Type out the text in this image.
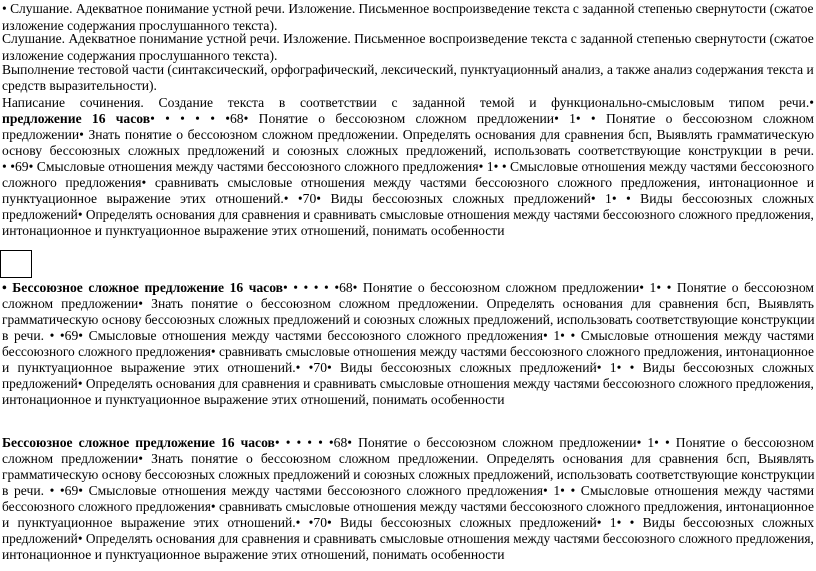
• Слушание. Адекватное понимание устной речи. Изложение. Письменное воспроизведение текста с заданной степенью свернутости (сжатое
изложение содержания прослушанного текста).
Слушание. Адекватное понимание устной речи. Изложение. Письменное воспроизведение текста с заданной степенью свернутости (сжатое
изложение содержания прослушанного текста).
Выполнение тестовой части (синтаксический, орфографический, лексический, пунктуационный анализ, а также анализ содержания текста и
средств выразительности).
Написание сочинения. Создание текста в соответствии с заданной темой и функционально-смысловым типом речи.•
предложение 16 часов• • • • • •68• Понятие о бессоюзном сложном предложении• 1• • Понятие о бессоюзном сложном
предложении• Знать понятие о бессоюзном сложном предложении. Определять основания для сравнения бсп, Выявлять грамматическую
основу бессоюзных сложных предложений и союзных сложных предложений, использовать соответствующие конструкции в речи.
• •69• Смысловые отношения между частями бессоюзного сложного предложения• 1• • Смысловые отношения между частями бессоюзного
сложного предложения• сравнивать смысловые отношения между частями бессоюзного сложного предложения, интонационное и
пунктуационное выражение этих отношений.• •70• Виды бессоюзных сложных предложений• 1• • Виды бессоюзных сложных
предложений• Определять основания для сравнения и сравнивать смысловые отношения между частями бессоюзного сложного предложения,
интонационное и пунктуационное выражение этих отношений, понимать особенности
• Бессоюзное сложное предложение 16 часов• • • • • •68• Понятие о бессоюзном сложном предложении• 1• • Понятие о бессоюзном
сложном предложении• Знать понятие о бессоюзном сложном предложении. Определять основания для сравнения бсп, Выявлять
грамматическую основу бессоюзных сложных предложений и союзных сложных предложений, использовать соответствующие конструкции
в речи. • •69• Смысловые отношения между частями бессоюзного сложного предложения• 1• • Смысловые отношения между частями
бессоюзного сложного предложения• сравнивать смысловые отношения между частями бессоюзного сложного предложения, интонационное
и пунктуационное выражение этих отношений.• •70• Виды бессоюзных сложных предложений• 1• • Виды бессоюзных сложных
предложений• Определять основания для сравнения и сравнивать смысловые отношения между частями бессоюзного сложного предложения,
интонационное и пунктуационное выражение этих отношений, понимать особенности
Бессоюзное сложное предложение 16 часов• • • • • •68• Понятие о бессоюзном сложном предложении• 1• • Понятие о бессоюзном
сложном предложении• Знать понятие о бессоюзном сложном предложении. Определять основания для сравнения бсп, Выявлять
грамматическую основу бессоюзных сложных предложений и союзных сложных предложений, использовать соответствующие конструкции
в речи. • •69• Смысловые отношения между частями бессоюзного сложного предложения• 1• • Смысловые отношения между частями
бессоюзного сложного предложения• сравнивать смысловые отношения между частями бессоюзного сложного предложения, интонационное
и пунктуационное выражение этих отношений.• •70• Виды бессоюзных сложных предложений• 1• • Виды бессоюзных сложных
предложений• Определять основания для сравнения и сравнивать смысловые отношения между частями бессоюзного сложного предложения,
интонационное и пунктуационное выражение этих отношений, понимать особенности
